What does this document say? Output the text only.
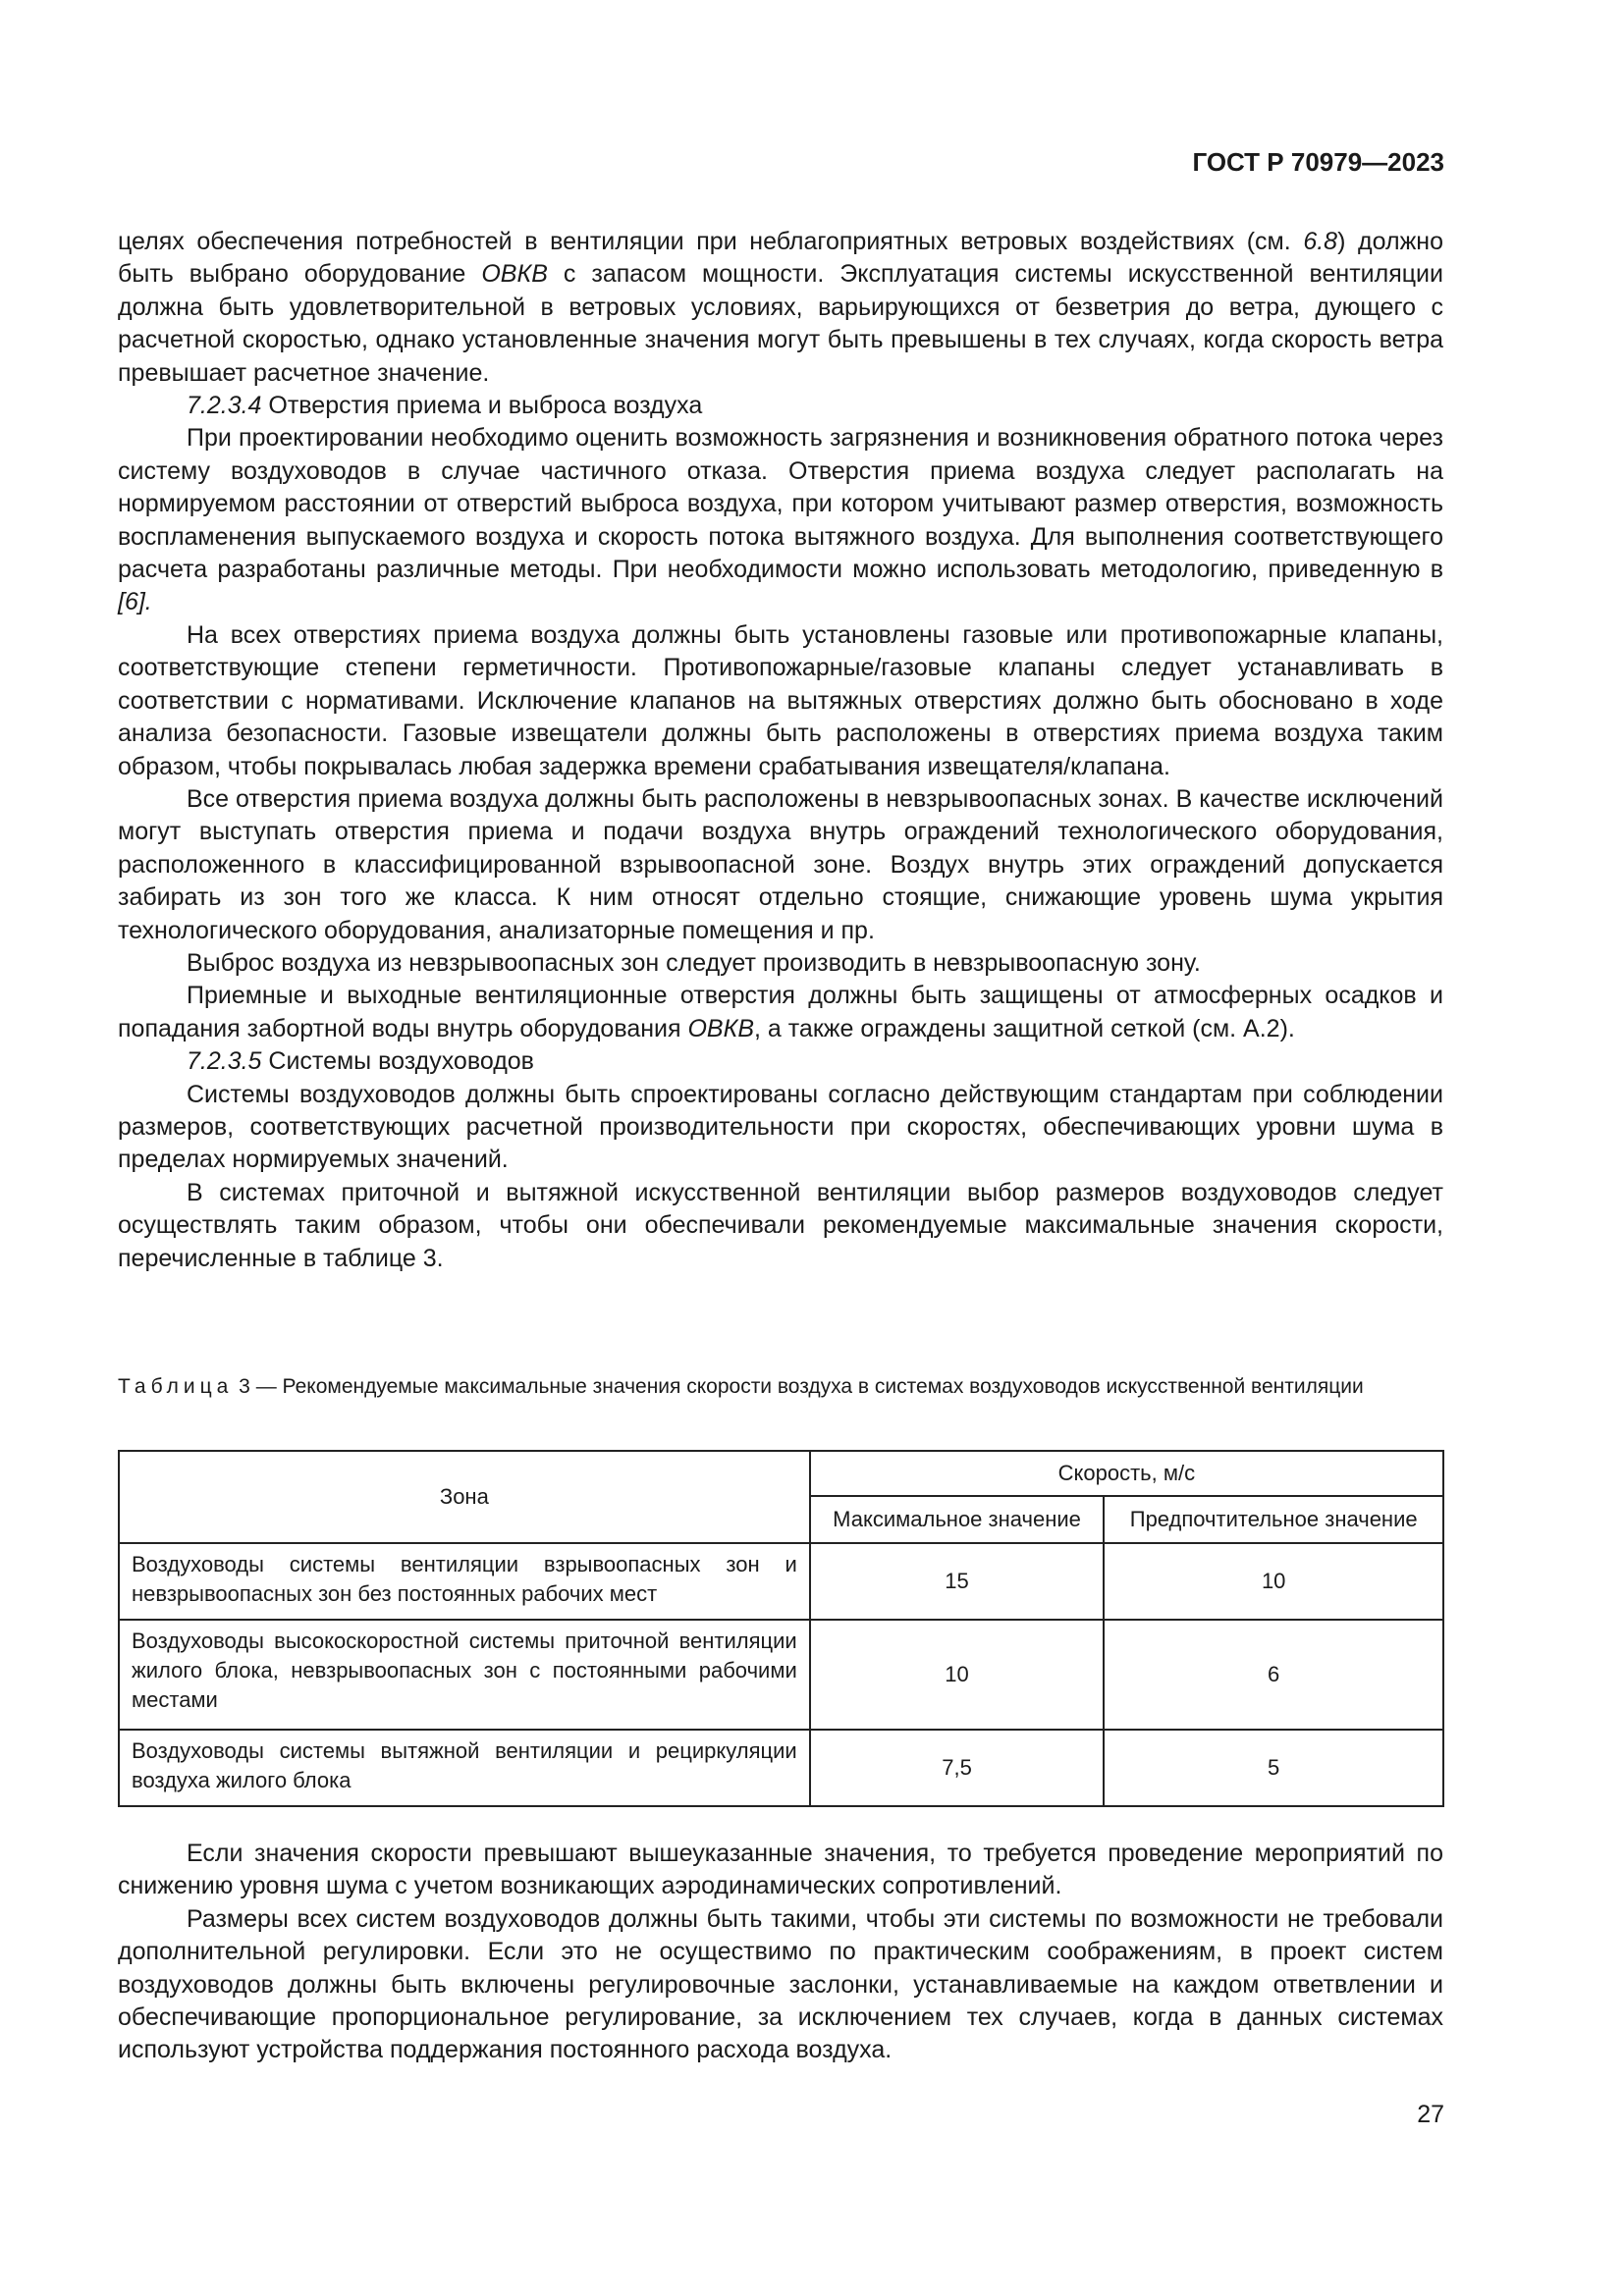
ГОСТ Р 70979—2023

целях обеспечения потребностей в вентиляции при неблагоприятных ветровых воздействиях (см. 6.8) должно быть выбрано оборудование ОВКВ с запасом мощности. Эксплуатация системы искусственной вентиляции должна быть удовлетворительной в ветровых условиях, варьирующихся от безветрия до ветра, дующего с расчетной скоростью, однако установленные значения могут быть превышены в тех случаях, когда скорость ветра превышает расчетное значение.

7.2.3.4 Отверстия приема и выброса воздуха

При проектировании необходимо оценить возможность загрязнения и возникновения обратного потока через систему воздуховодов в случае частичного отказа. Отверстия приема воздуха следует располагать на нормируемом расстоянии от отверстий выброса воздуха, при котором учитывают размер отверстия, возможность воспламенения выпускаемого воздуха и скорость потока вытяжного воздуха. Для выполнения соответствующего расчета разработаны различные методы. При необходимости можно использовать методологию, приведенную в [6].

На всех отверстиях приема воздуха должны быть установлены газовые или противопожарные клапаны, соответствующие степени герметичности. Противопожарные/газовые клапаны следует устанавливать в соответствии с нормативами. Исключение клапанов на вытяжных отверстиях должно быть обосновано в ходе анализа безопасности. Газовые извещатели должны быть расположены в отверстиях приема воздуха таким образом, чтобы покрывалась любая задержка времени срабатывания извещателя/клапана.

Все отверстия приема воздуха должны быть расположены в невзрывоопасных зонах. В качестве исключений могут выступать отверстия приема и подачи воздуха внутрь ограждений технологического оборудования, расположенного в классифицированной взрывоопасной зоне. Воздух внутрь этих ограждений допускается забирать из зон того же класса. К ним относят отдельно стоящие, снижающие уровень шума укрытия технологического оборудования, анализаторные помещения и пр.

Выброс воздуха из невзрывоопасных зон следует производить в невзрывоопасную зону.

Приемные и выходные вентиляционные отверстия должны быть защищены от атмосферных осадков и попадания забортной воды внутрь оборудования ОВКВ, а также ограждены защитной сеткой (см. А.2).

7.2.3.5 Системы воздуховодов

Системы воздуховодов должны быть спроектированы согласно действующим стандартам при соблюдении размеров, соответствующих расчетной производительности при скоростях, обеспечивающих уровни шума в пределах нормируемых значений.

В системах приточной и вытяжной искусственной вентиляции выбор размеров воздуховодов следует осуществлять таким образом, чтобы они обеспечивали рекомендуемые максимальные значения скорости, перечисленные в таблице 3.

Таблица 3 — Рекомендуемые максимальные значения скорости воздуха в системах воздуховодов искусственной вентиляции
Зона	Скорость, м/с	
	Максимальное значение	Предпочтительное значение
Воздуховоды системы вентиляции взрывоопасных зон и невзрывоопасных зон без постоянных рабочих мест	15	10
Воздуховоды высокоскоростной системы приточной вентиляции жилого блока, невзрывоопасных зон с постоянными рабочими местами	10	6
Воздуховоды системы вытяжной вентиляции и рециркуляции воздуха жилого блока	7,5	5

Если значения скорости превышают вышеуказанные значения, то требуется проведение мероприятий по снижению уровня шума с учетом возникающих аэродинамических сопротивлений.

Размеры всех систем воздуховодов должны быть такими, чтобы эти системы по возможности не требовали дополнительной регулировки. Если это не осуществимо по практическим соображениям, в проект систем воздуховодов должны быть включены регулировочные заслонки, устанавливаемые на каждом ответвлении и обеспечивающие пропорциональное регулирование, за исключением тех случаев, когда в данных системах используют устройства поддержания постоянного расхода воздуха.

27
